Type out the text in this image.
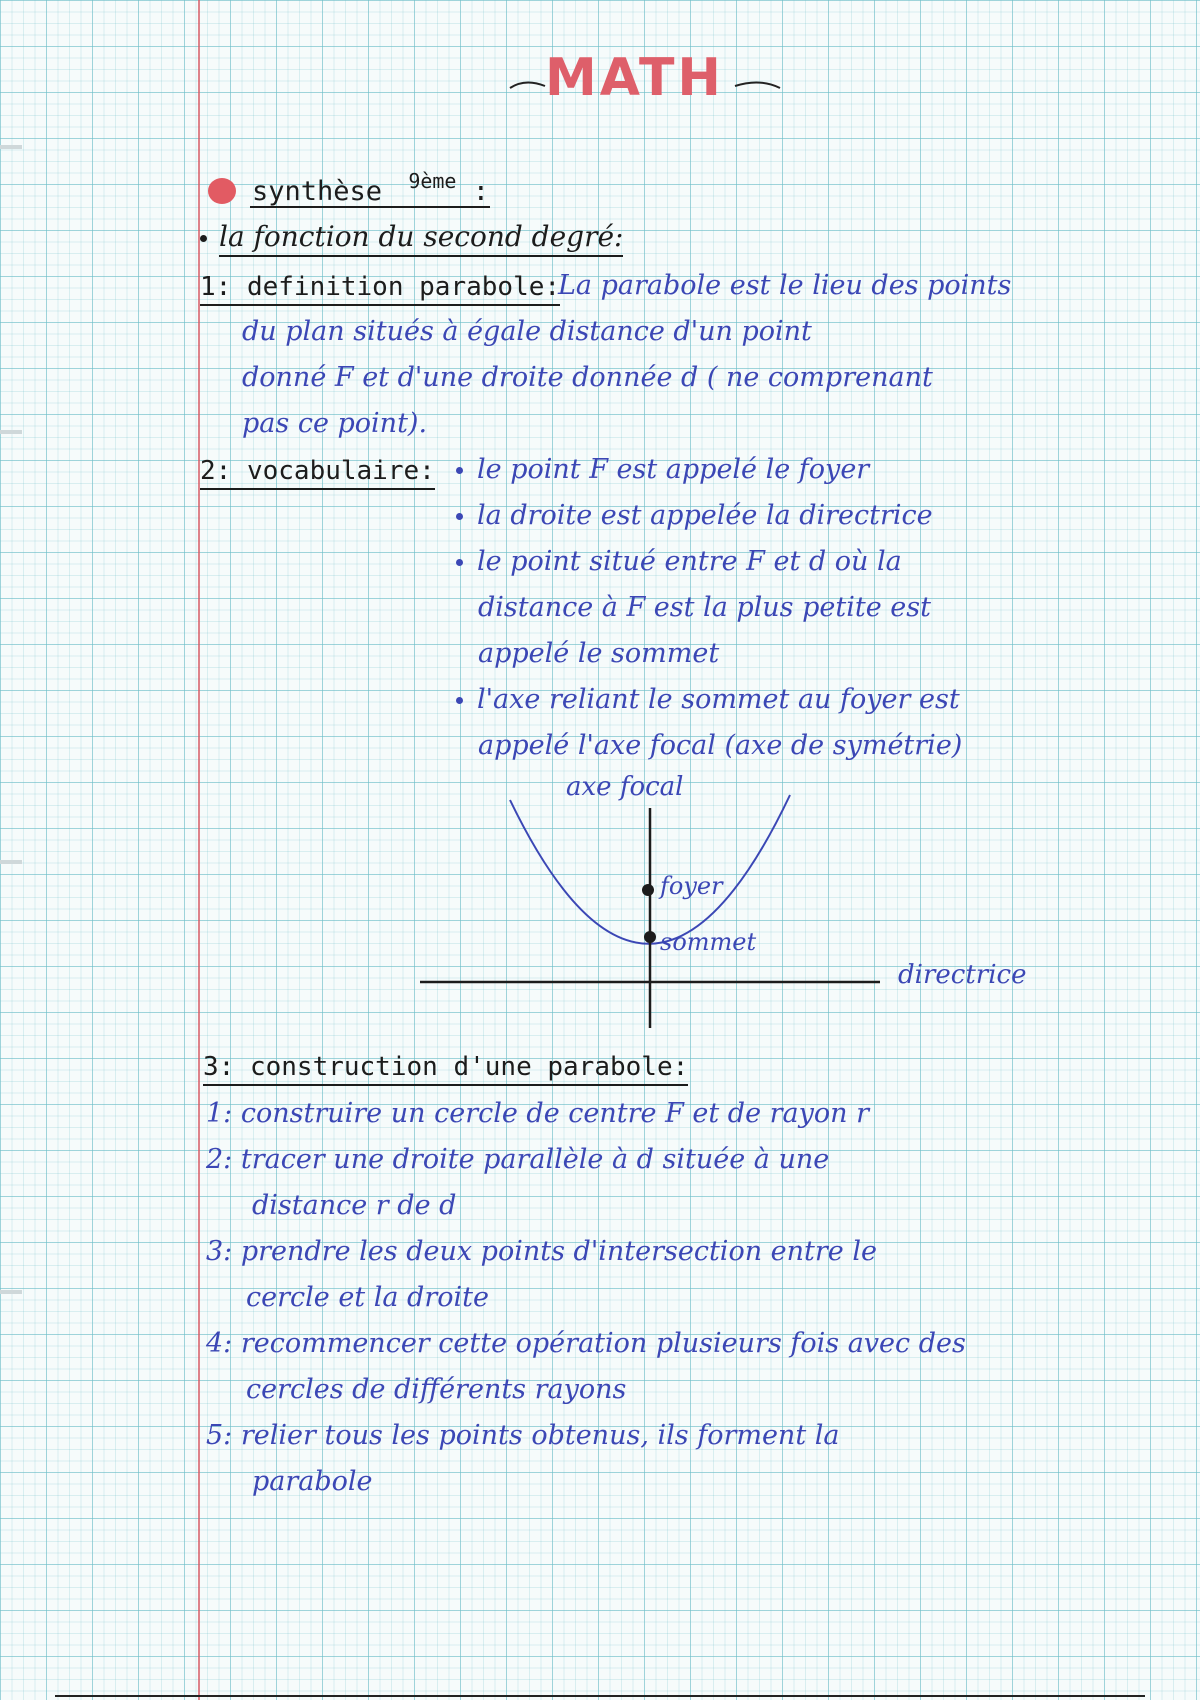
MATH
synthèse $^{9ème}$ :
la fonction du second degré:
1: definition parabole:
La parabole est le lieu des points
du plan situés à égale distance d'un point
donné F et d'une droite donnée d ( ne comprenant
pas ce point).
2: vocabulaire:	le point F est appelé le foyer
la droite est appelée la directrice
le point situé entre F et d où la
distance à F est la plus petite est
appelé le sommet
l'axe reliant le sommet au foyer est
appelé l'axe focal (axe de symétrie)
axe focal
foyer
sommet
directrice
3: construction d'une parabole:
1: construire un cercle de centre F et de rayon r
2: tracer une droite parallèle à d située à une
distance r de d
3: prendre les deux points d'intersection entre le
cercle et la droite
4: recommencer cette opération plusieurs fois avec des
cercles de différents rayons
5: relier tous les points obtenus, ils forment la
parabole
